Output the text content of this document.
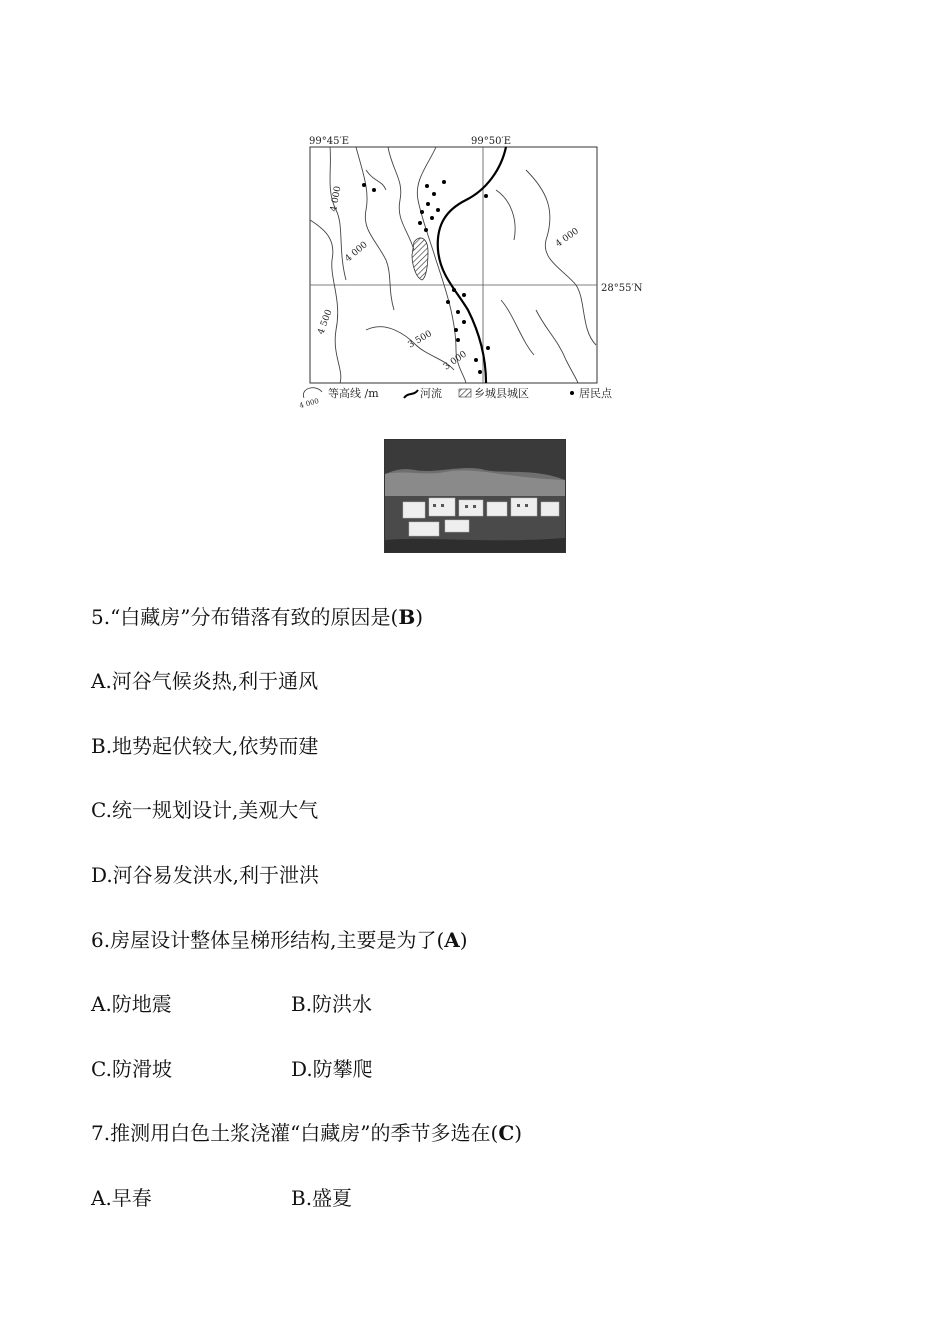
99°45′E	99°50′E
28°55′N
4 000
4 000
4 000
4 500
3 500
3 000
4 000
等高线 /m	河流	乡城县城区	居民点
5.“白藏房”分布错落有致的原因是(B)
A.河谷气候炎热,利于通风
B.地势起伏较大,依势而建
C.统一规划设计,美观大气
D.河谷易发洪水,利于泄洪
6.房屋设计整体呈梯形结构,主要是为了(A)
A.防地震	B.防洪水
C.防滑坡	D.防攀爬
7.推测用白色土浆浇灌“白藏房”的季节多选在(C)
A.早春	B.盛夏
